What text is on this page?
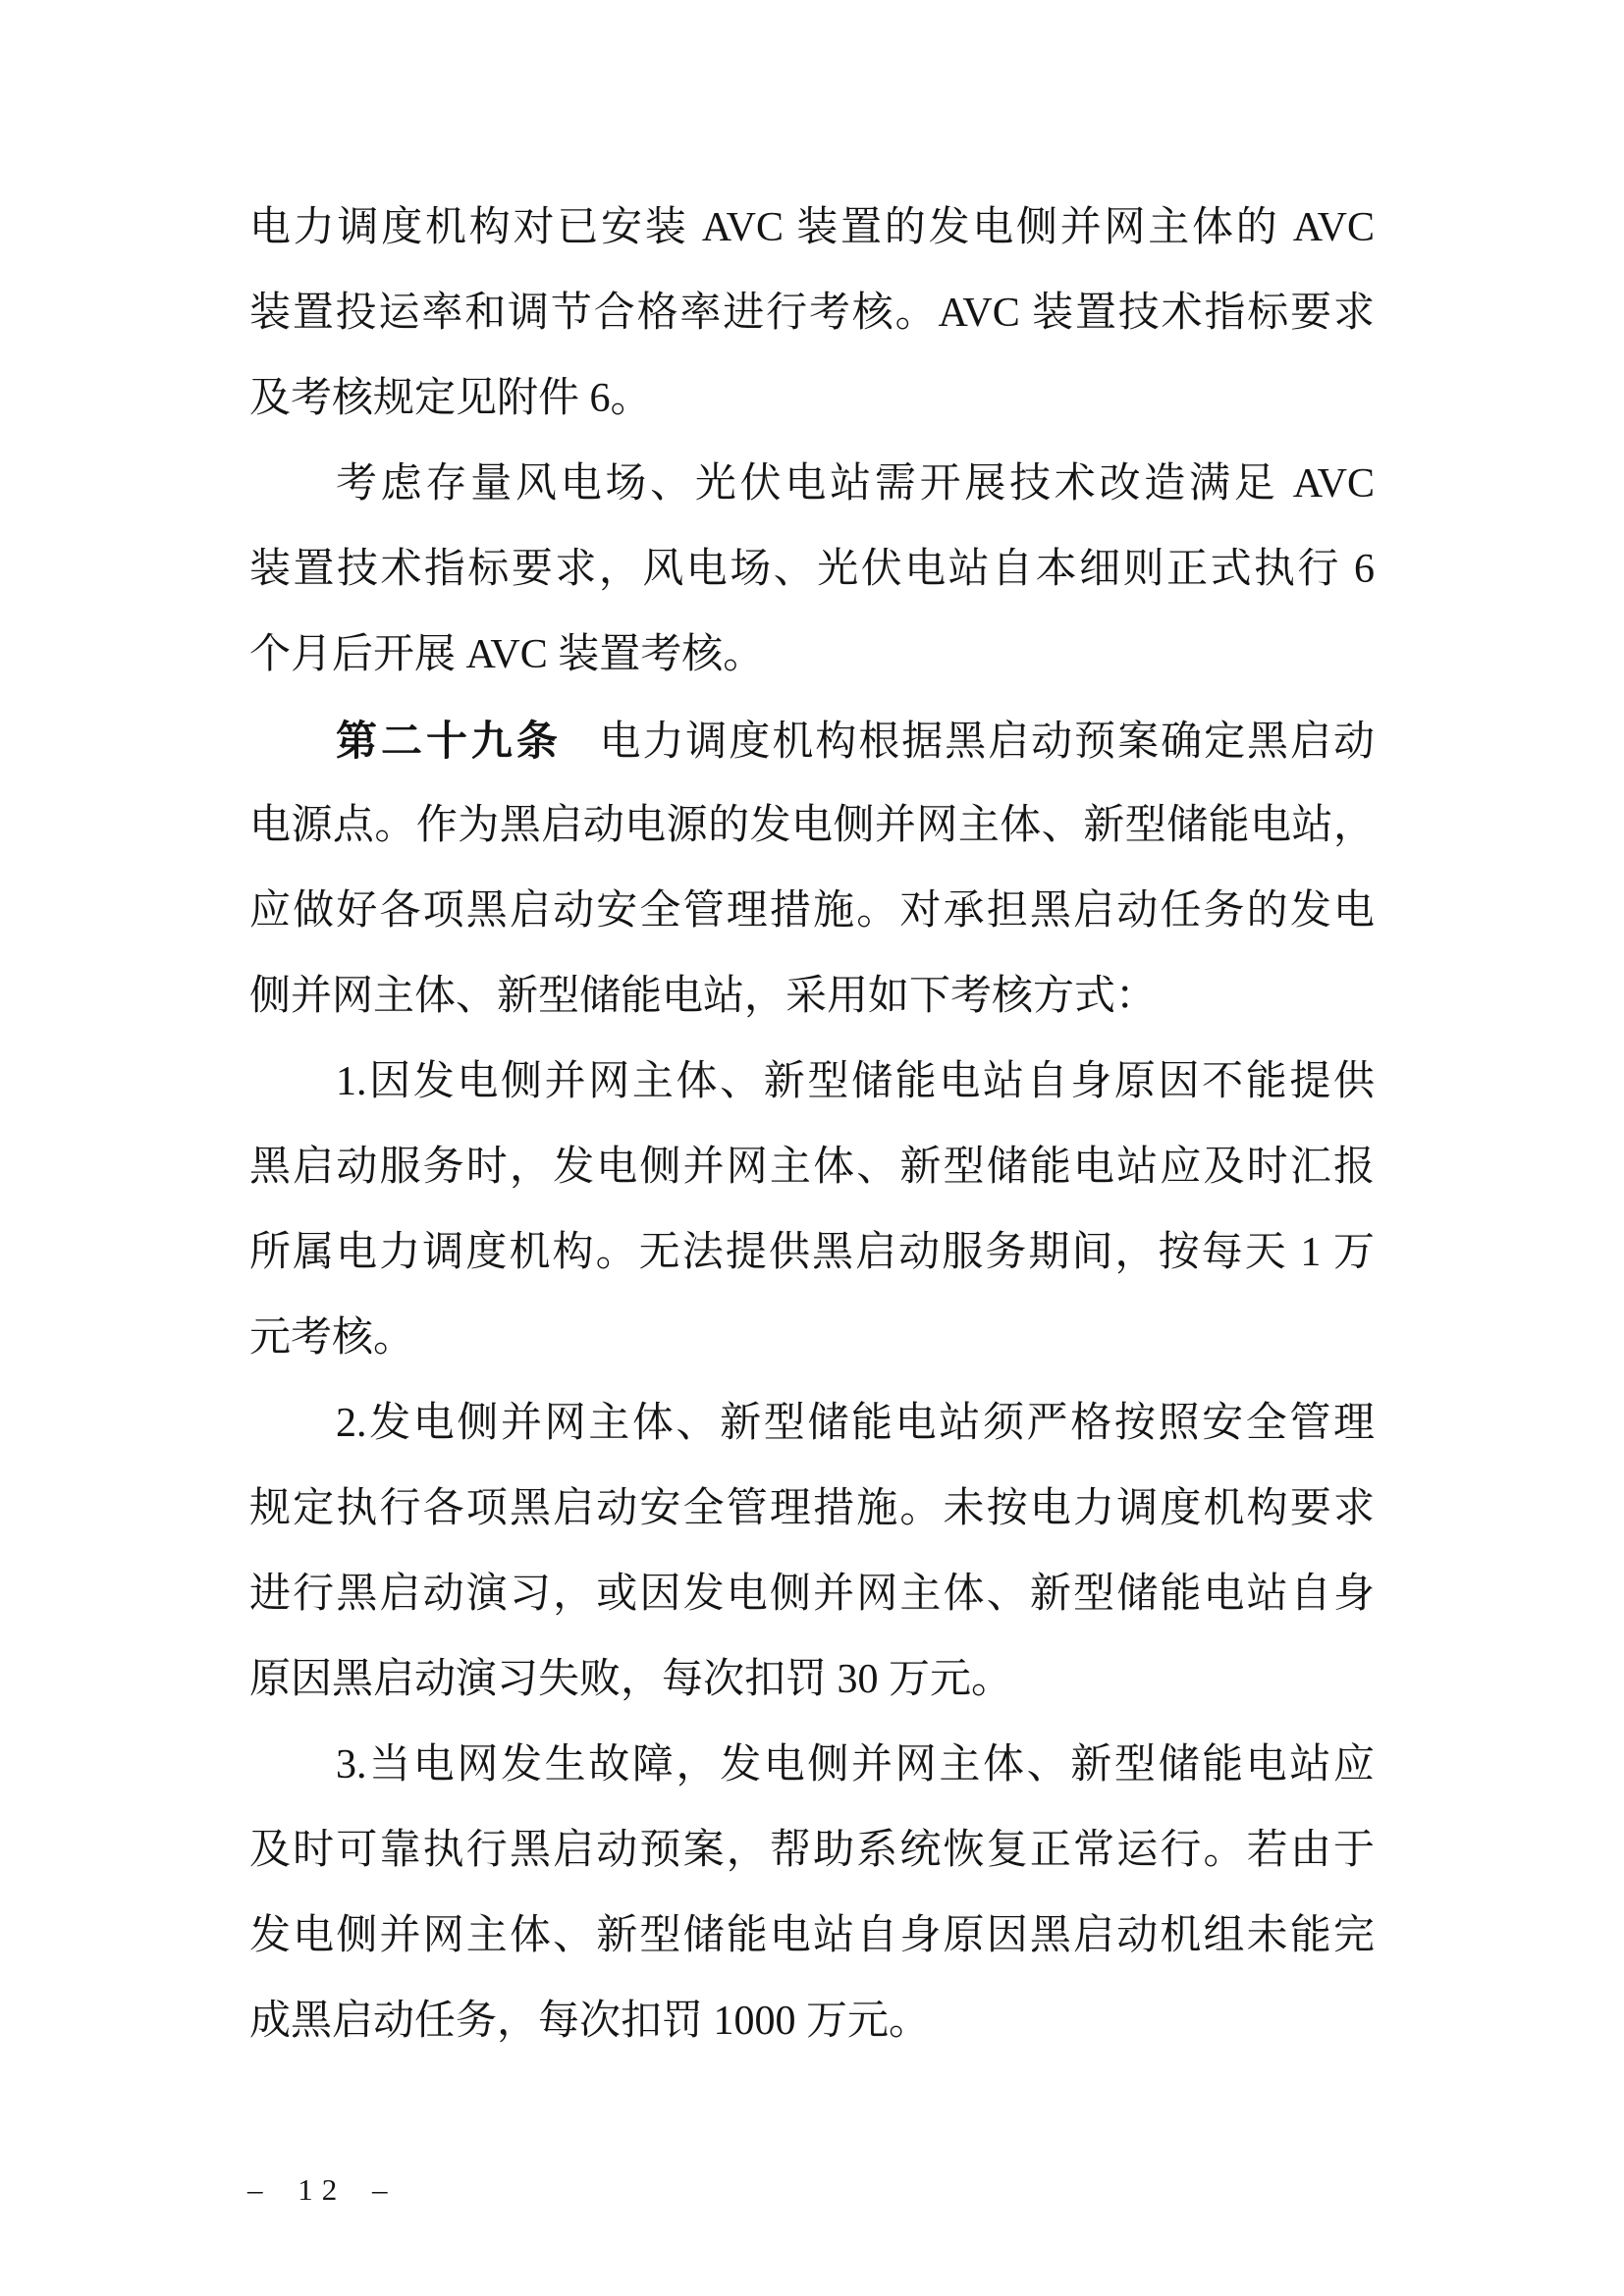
电力调度机构对已安装 AVC 装置的发电侧并网主体的 AVC
装置投运率和调节合格率进行考核。AVC 装置技术指标要求
及考核规定见附件 6。
考虑存量风电场、光伏电站需开展技术改造满足 AVC
装置技术指标要求，风电场、光伏电站自本细则正式执行 6
个月后开展 AVC 装置考核。
第二十九条 电力调度机构根据黑启动预案确定黑启动
电源点。作为黑启动电源的发电侧并网主体、新型储能电站，
应做好各项黑启动安全管理措施。对承担黑启动任务的发电
侧并网主体、新型储能电站，采用如下考核方式：
1.因发电侧并网主体、新型储能电站自身原因不能提供
黑启动服务时，发电侧并网主体、新型储能电站应及时汇报
所属电力调度机构。无法提供黑启动服务期间，按每天 1 万
元考核。
2.发电侧并网主体、新型储能电站须严格按照安全管理
规定执行各项黑启动安全管理措施。未按电力调度机构要求
进行黑启动演习，或因发电侧并网主体、新型储能电站自身
原因黑启动演习失败，每次扣罚 30 万元。
3.当电网发生故障，发电侧并网主体、新型储能电站应
及时可靠执行黑启动预案，帮助系统恢复正常运行。若由于
发电侧并网主体、新型储能电站自身原因黑启动机组未能完
成黑启动任务，每次扣罚 1000 万元。
– 12 –
